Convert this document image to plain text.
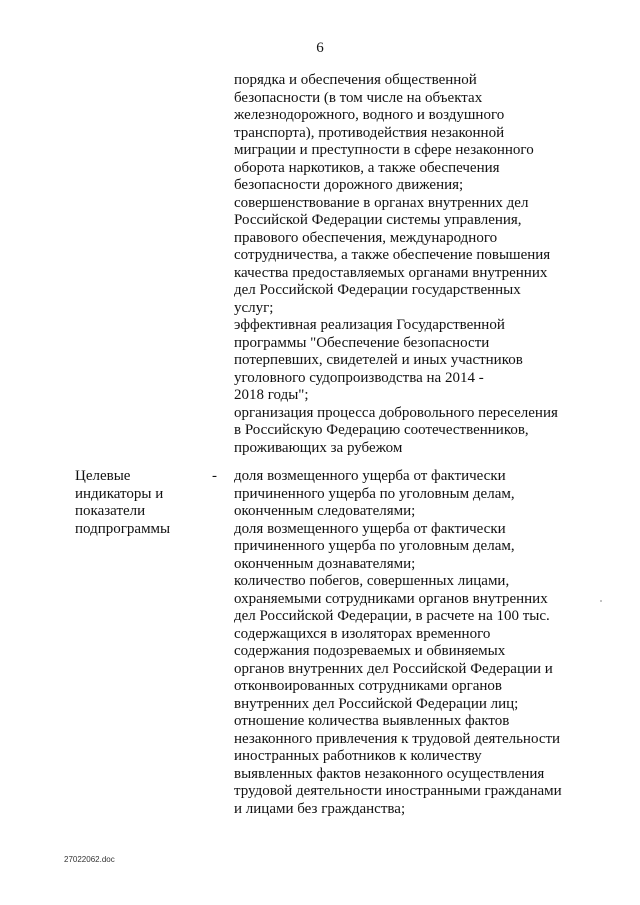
6
порядка и обеспечения общественной
безопасности (в том числе на объектах
железнодорожного, водного и воздушного
транспорта), противодействия незаконной
миграции и преступности в сфере незаконного
оборота наркотиков, а также обеспечения
безопасности дорожного движения;
совершенствование в органах внутренних дел
Российской Федерации системы управления,
правового обеспечения, международного
сотрудничества, а также обеспечение повышения
качества предоставляемых органами внутренних
дел Российской Федерации государственных
услуг;
эффективная реализация Государственной
программы "Обеспечение безопасности
потерпевших, свидетелей и иных участников
уголовного судопроизводства на 2014 -
2018 годы";
организация процесса добровольного переселения
в Российскую Федерацию соотечественников,
проживающих за рубежом
Целевые
индикаторы и
показатели
подпрограммы
- доля возмещенного ущерба от фактически
причиненного ущерба по уголовным делам,
оконченным следователями;
доля возмещенного ущерба от фактически
причиненного ущерба по уголовным делам,
оконченным дознавателями;
количество побегов, совершенных лицами,
охраняемыми сотрудниками органов внутренних
дел Российской Федерации, в расчете на 100 тыс.
содержащихся в изоляторах временного
содержания подозреваемых и обвиняемых
органов внутренних дел Российской Федерации и
отконвоированных сотрудниками органов
внутренних дел Российской Федерации лиц;
отношение количества выявленных фактов
незаконного привлечения к трудовой деятельности
иностранных работников к количеству
выявленных фактов незаконного осуществления
трудовой деятельности иностранными гражданами
и лицами без гражданства;
27022062.doc
